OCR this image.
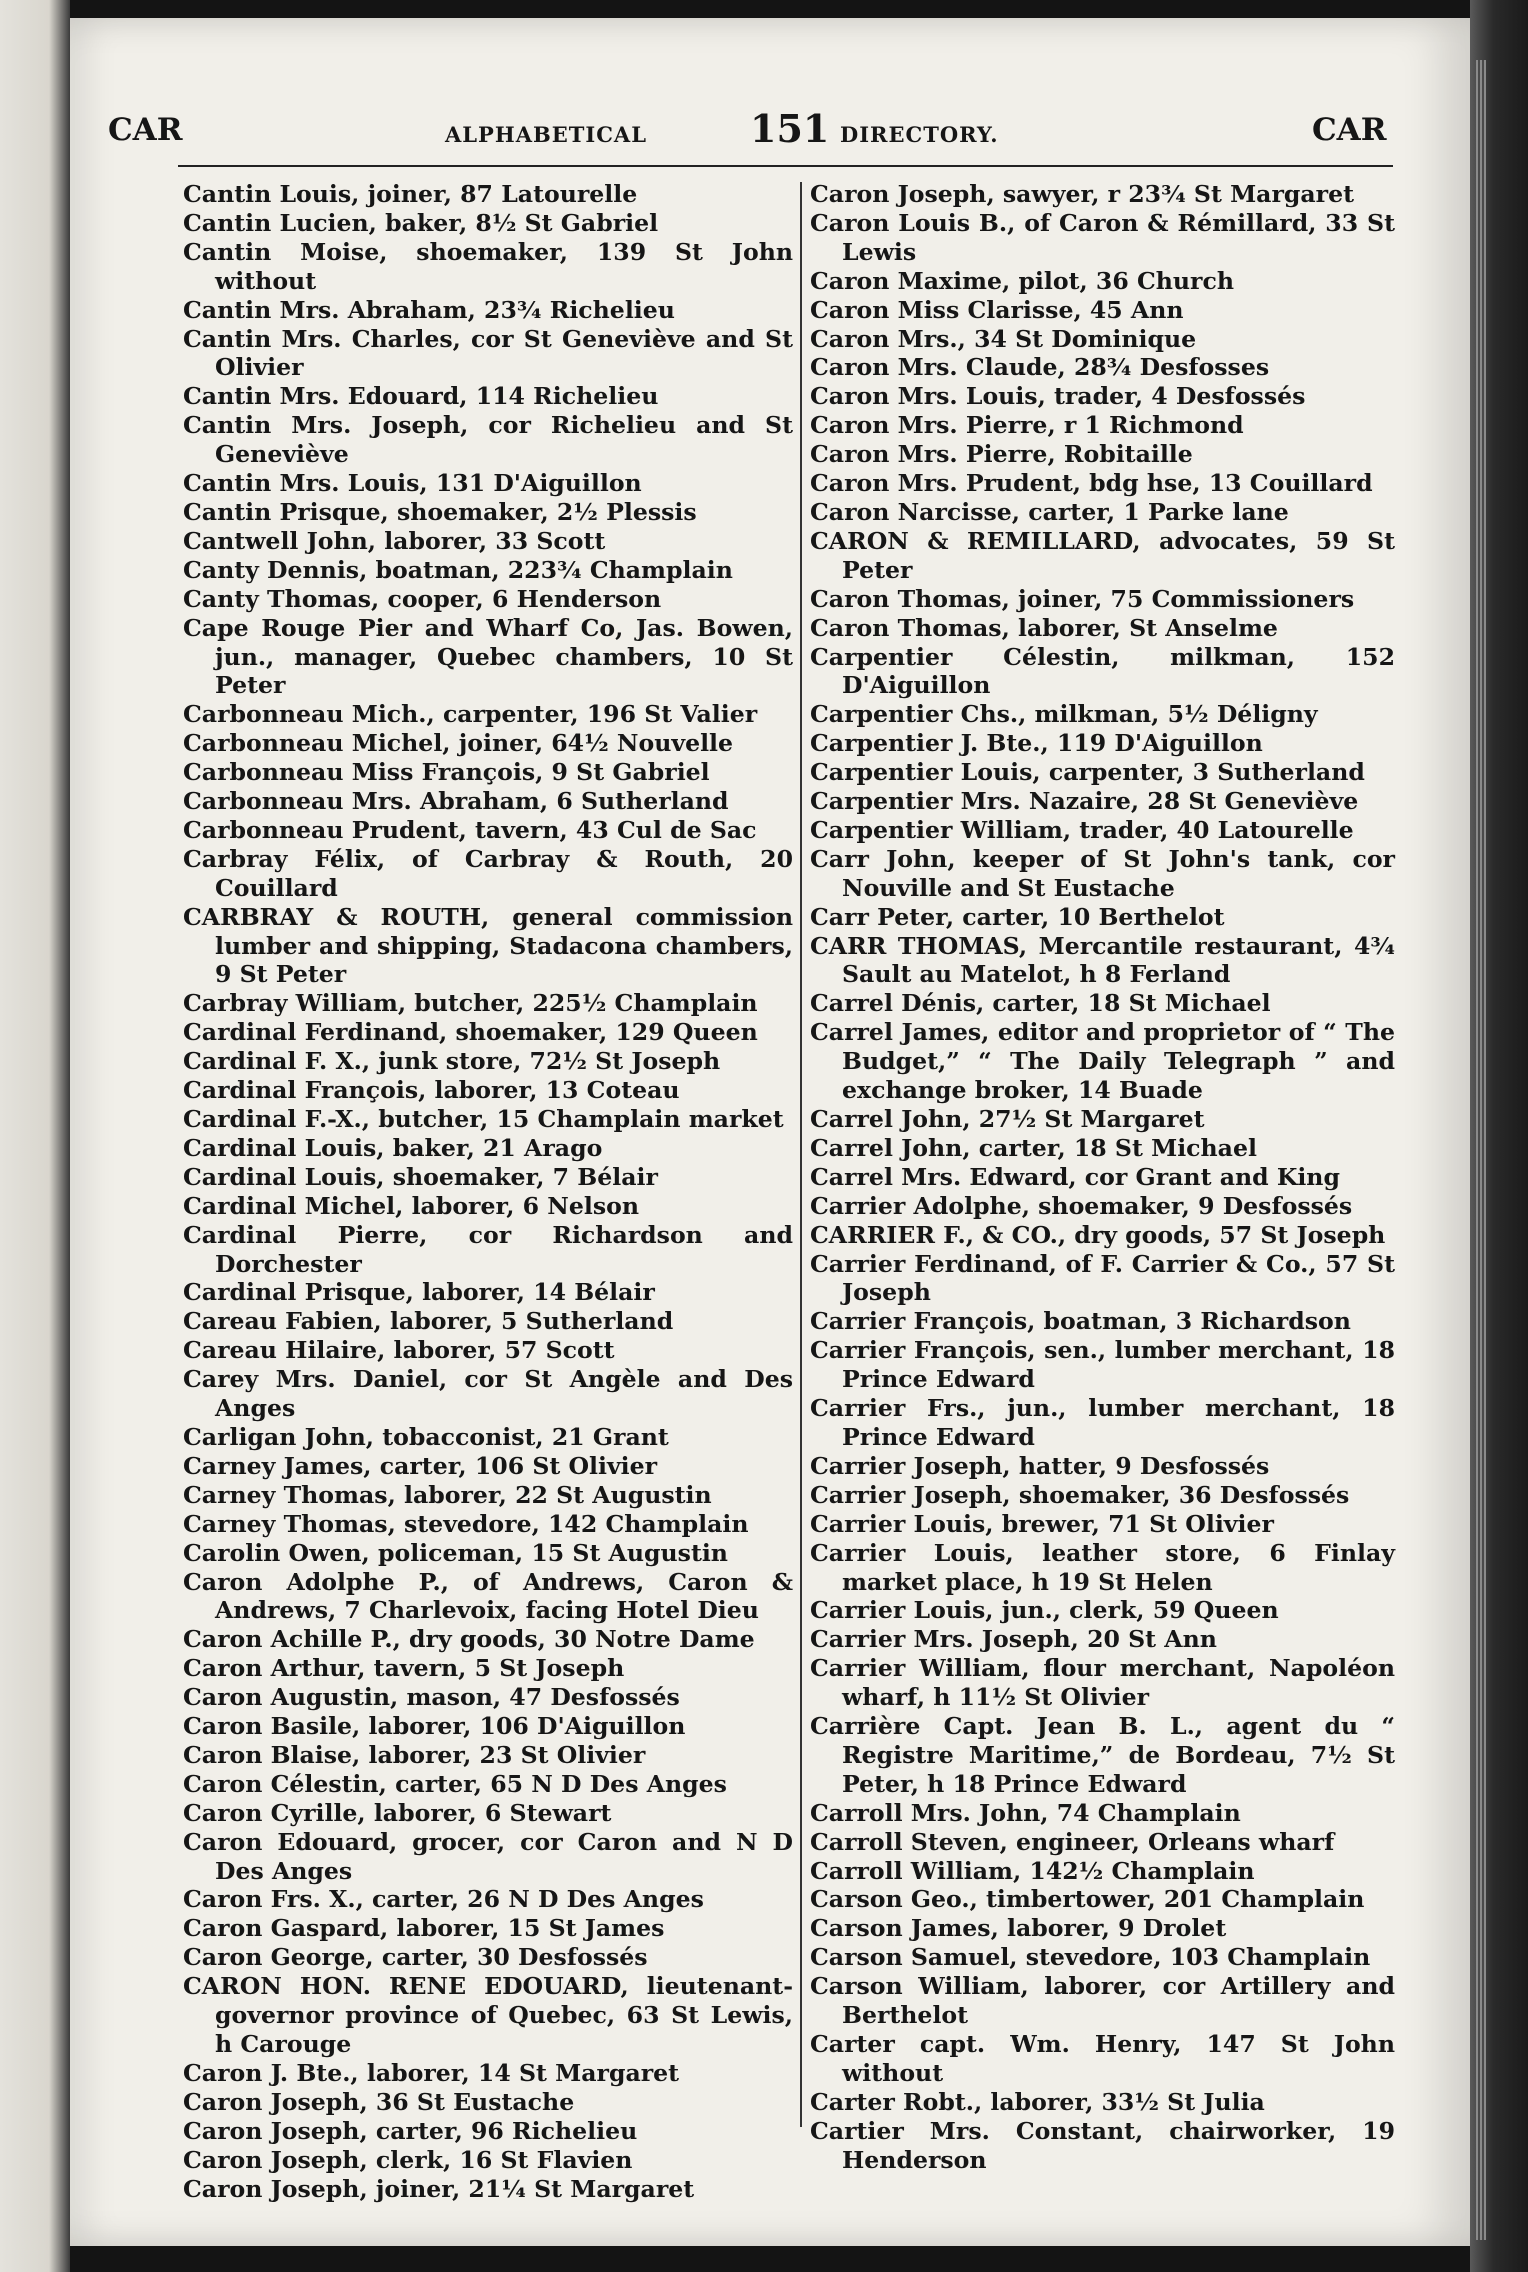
CAR	ALPHABETICAL	151 DIRECTORY.	CAR
Cantin Louis, joiner, 87 Latourelle
Cantin Lucien, baker, 8½ St Gabriel
Cantin Moise, shoemaker, 139 St John without
Cantin Mrs. Abraham, 23¾ Richelieu
Cantin Mrs. Charles, cor St Geneviève and St Olivier
Cantin Mrs. Edouard, 114 Richelieu
Cantin Mrs. Joseph, cor Richelieu and St Geneviève
Cantin Mrs. Louis, 131 D'Aiguillon
Cantin Prisque, shoemaker, 2½ Plessis
Cantwell John, laborer, 33 Scott
Canty Dennis, boatman, 223¾ Champlain
Canty Thomas, cooper, 6 Henderson
Cape Rouge Pier and Wharf Co, Jas. Bowen, jun., manager, Quebec chambers, 10 St Peter
Carbonneau Mich., carpenter, 196 St Valier
Carbonneau Michel, joiner, 64½ Nouvelle
Carbonneau Miss François, 9 St Gabriel
Carbonneau Mrs. Abraham, 6 Sutherland
Carbonneau Prudent, tavern, 43 Cul de Sac
Carbray Félix, of Carbray & Routh, 20 Couillard
CARBRAY & ROUTH, general commission lumber and shipping, Stadacona chambers, 9 St Peter
Carbray William, butcher, 225½ Champlain
Cardinal Ferdinand, shoemaker, 129 Queen
Cardinal F. X., junk store, 72½ St Joseph
Cardinal François, laborer, 13 Coteau
Cardinal F.-X., butcher, 15 Champlain market
Cardinal Louis, baker, 21 Arago
Cardinal Louis, shoemaker, 7 Bélair
Cardinal Michel, laborer, 6 Nelson
Cardinal Pierre, cor Richardson and Dorchester
Cardinal Prisque, laborer, 14 Bélair
Careau Fabien, laborer, 5 Sutherland
Careau Hilaire, laborer, 57 Scott
Carey Mrs. Daniel, cor St Angèle and Des Anges
Carligan John, tobacconist, 21 Grant
Carney James, carter, 106 St Olivier
Carney Thomas, laborer, 22 St Augustin
Carney Thomas, stevedore, 142 Champlain
Carolin Owen, policeman, 15 St Augustin
Caron Adolphe P., of Andrews, Caron & Andrews, 7 Charlevoix, facing Hotel Dieu
Caron Achille P., dry goods, 30 Notre Dame
Caron Arthur, tavern, 5 St Joseph
Caron Augustin, mason, 47 Desfossés
Caron Basile, laborer, 106 D'Aiguillon
Caron Blaise, laborer, 23 St Olivier
Caron Célestin, carter, 65 N D Des Anges
Caron Cyrille, laborer, 6 Stewart
Caron Edouard, grocer, cor Caron and N D Des Anges
Caron Frs. X., carter, 26 N D Des Anges
Caron Gaspard, laborer, 15 St James
Caron George, carter, 30 Desfossés
CARON HON. RENE EDOUARD, lieutenant-governor province of Quebec, 63 St Lewis, h Carouge
Caron J. Bte., laborer, 14 St Margaret
Caron Joseph, 36 St Eustache
Caron Joseph, carter, 96 Richelieu
Caron Joseph, clerk, 16 St Flavien
Caron Joseph, joiner, 21¼ St Margaret
Caron Joseph, sawyer, r 23¾ St Margaret
Caron Louis B., of Caron & Rémillard, 33 St Lewis
Caron Maxime, pilot, 36 Church
Caron Miss Clarisse, 45 Ann
Caron Mrs., 34 St Dominique
Caron Mrs. Claude, 28¾ Desfosses
Caron Mrs. Louis, trader, 4 Desfossés
Caron Mrs. Pierre, r 1 Richmond
Caron Mrs. Pierre, Robitaille
Caron Mrs. Prudent, bdg hse, 13 Couillard
Caron Narcisse, carter, 1 Parke lane
CARON & REMILLARD, advocates, 59 St Peter
Caron Thomas, joiner, 75 Commissioners
Caron Thomas, laborer, St Anselme
Carpentier Célestin, milkman, 152 D'Aiguillon
Carpentier Chs., milkman, 5½ Déligny
Carpentier J. Bte., 119 D'Aiguillon
Carpentier Louis, carpenter, 3 Sutherland
Carpentier Mrs. Nazaire, 28 St Geneviève
Carpentier William, trader, 40 Latourelle
Carr John, keeper of St John's tank, cor Nouville and St Eustache
Carr Peter, carter, 10 Berthelot
CARR THOMAS, Mercantile restaurant, 4¾ Sault au Matelot, h 8 Ferland
Carrel Dénis, carter, 18 St Michael
Carrel James, editor and proprietor of “ The Budget,” “ The Daily Telegraph ” and exchange broker, 14 Buade
Carrel John, 27½ St Margaret
Carrel John, carter, 18 St Michael
Carrel Mrs. Edward, cor Grant and King
Carrier Adolphe, shoemaker, 9 Desfossés
CARRIER F., & CO., dry goods, 57 St Joseph
Carrier Ferdinand, of F. Carrier & Co., 57 St Joseph
Carrier François, boatman, 3 Richardson
Carrier François, sen., lumber merchant, 18 Prince Edward
Carrier Frs., jun., lumber merchant, 18 Prince Edward
Carrier Joseph, hatter, 9 Desfossés
Carrier Joseph, shoemaker, 36 Desfossés
Carrier Louis, brewer, 71 St Olivier
Carrier Louis, leather store, 6 Finlay market place, h 19 St Helen
Carrier Louis, jun., clerk, 59 Queen
Carrier Mrs. Joseph, 20 St Ann
Carrier William, flour merchant, Napoléon wharf, h 11½ St Olivier
Carrière Capt. Jean B. L., agent du “ Registre Maritime,” de Bordeau, 7½ St Peter, h 18 Prince Edward
Carroll Mrs. John, 74 Champlain
Carroll Steven, engineer, Orleans wharf
Carroll William, 142½ Champlain
Carson Geo., timbertower, 201 Champlain
Carson James, laborer, 9 Drolet
Carson Samuel, stevedore, 103 Champlain
Carson William, laborer, cor Artillery and Berthelot
Carter capt. Wm. Henry, 147 St John without
Carter Robt., laborer, 33½ St Julia
Cartier Mrs. Constant, chairworker, 19 Henderson
